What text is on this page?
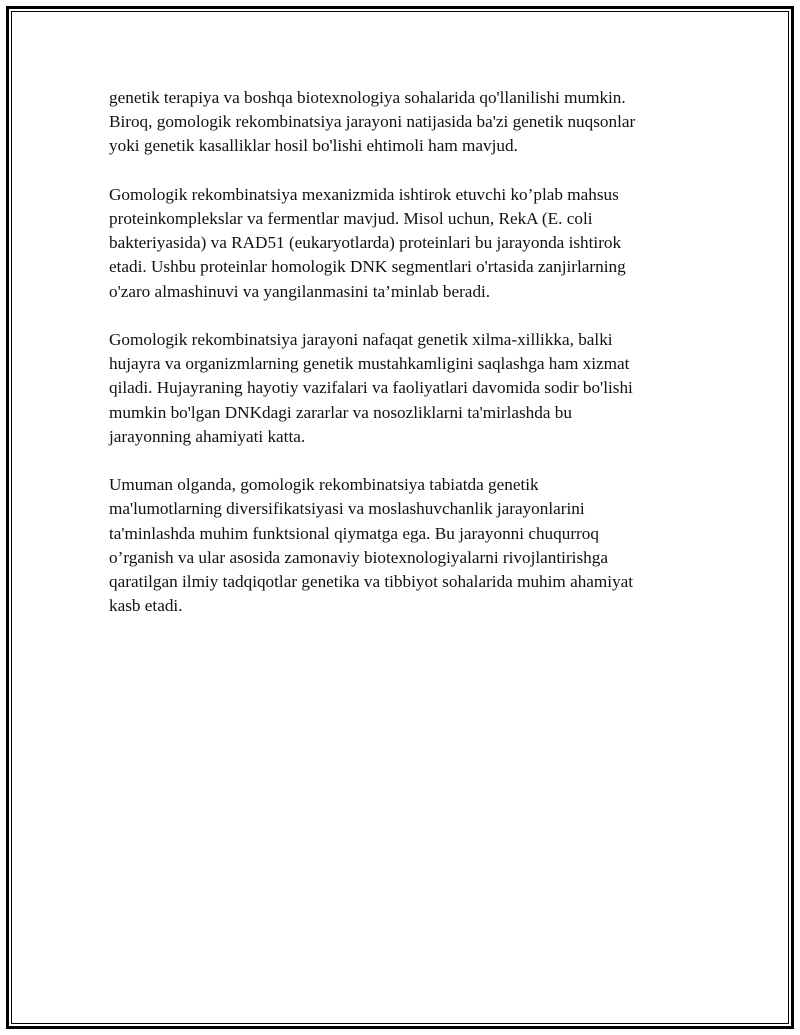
genetik terapiya va boshqa biotexnologiya sohalarida qo'llanilishi mumkin.
Biroq, gomologik rekombinatsiya jarayoni natijasida ba'zi genetik nuqsonlar
yoki genetik kasalliklar hosil bo'lishi ehtimoli ham mavjud.

Gomologik rekombinatsiya mexanizmida ishtirok etuvchi ko’plab mahsus
proteinkomplekslar va fermentlar mavjud. Misol uchun, RekA (E. coli
bakteriyasida) va RAD51 (eukaryotlarda) proteinlari bu jarayonda ishtirok
etadi. Ushbu proteinlar homologik DNK segmentlari o'rtasida zanjirlarning
o'zaro almashinuvi va yangilanmasini ta’minlab beradi.

Gomologik rekombinatsiya jarayoni nafaqat genetik xilma-xillikka, balki
hujayra va organizmlarning genetik mustahkamligini saqlashga ham xizmat
qiladi. Hujayraning hayotiy vazifalari va faoliyatlari davomida sodir bo'lishi
mumkin bo'lgan DNKdagi zararlar va nosozliklarni ta'mirlashda bu
jarayonning ahamiyati katta.

Umuman olganda, gomologik rekombinatsiya tabiatda genetik
ma'lumotlarning diversifikatsiyasi va moslashuvchanlik jarayonlarini
ta'minlashda muhim funktsional qiymatga ega. Bu jarayonni chuqurroq
o’rganish va ular asosida zamonaviy biotexnologiyalarni rivojlantirishga
qaratilgan ilmiy tadqiqotlar genetika va tibbiyot sohalarida muhim ahamiyat
kasb etadi.
